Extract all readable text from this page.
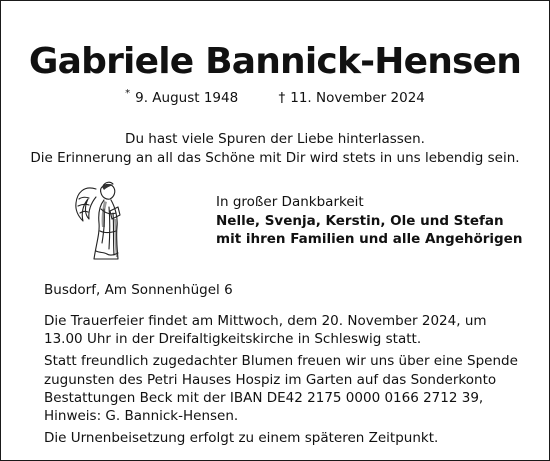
Gabriele Bannick-Hensen
* 9. August 1948	† 11. November 2024
Du hast viele Spuren der Liebe hinterlassen.
Die Erinnerung an all das Schöne mit Dir wird stets in uns lebendig sein.
In großer Dankbarkeit
Nelle, Svenja, Kerstin, Ole und Stefan
mit ihren Familien und alle Angehörigen
Busdorf, Am Sonnenhügel 6

Die Trauerfeier findet am Mittwoch, dem 20. November 2024, um 13.00 Uhr in der Dreifaltigkeitskirche in Schleswig statt.

Statt freundlich zugedachter Blumen freuen wir uns über eine Spende zugunsten des Petri Hauses Hospiz im Garten auf das Sonderkonto Bestattungen Beck mit der IBAN DE42 2175 0000 0166 2712 39, Hinweis: G. Bannick-Hensen.

Die Urnenbeisetzung erfolgt zu einem späteren Zeitpunkt.
